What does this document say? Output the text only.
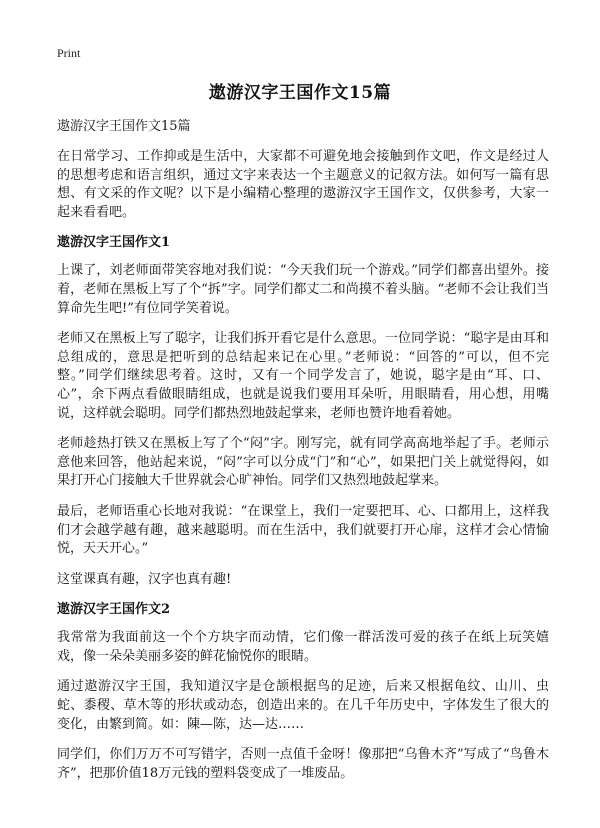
Print
遨游汉字王国作文15篇
遨游汉字王国作文15篇

在日常学习、工作抑或是生活中，大家都不可避免地会接触到作文吧，作文是经过人的思想考虑和语言组织，通过文字来表达一个主题意义的记叙方法。如何写一篇有思想、有文采的作文呢？以下是小编精心整理的遨游汉字王国作文，仅供参考，大家一起来看看吧。

遨游汉字王国作文1

上课了，刘老师面带笑容地对我们说：“今天我们玩一个游戏。”同学们都喜出望外。接着，老师在黑板上写了个“拆”字。同学们都丈二和尚摸不着头脑。“老师不会让我们当算命先生吧!”有位同学笑着说。

老师又在黑板上写了聪字，让我们拆开看它是什么意思。一位同学说：“聪字是由耳和总组成的，意思是把听到的总结起来记在心里。”老师说：“回答的”可以，但不完整。”同学们继续思考着。这时，又有一个同学发言了，她说，聪字是由“耳、口、心”，余下两点看做眼睛组成，也就是说我们要用耳朵听，用眼睛看，用心想，用嘴说，这样就会聪明。同学们都热烈地鼓起掌来，老师也赞许地看着她。

老师趁热打铁又在黑板上写了个“闷”字。刚写完，就有同学高高地举起了手。老师示意他来回答，他站起来说，“闷”字可以分成“门”和“心”，如果把门关上就觉得闷，如果打开心门接触大千世界就会心旷神怡。同学们又热烈地鼓起掌来。

最后，老师语重心长地对我说：“在课堂上，我们一定要把耳、心、口都用上，这样我们才会越学越有趣，越来越聪明。而在生活中，我们就要打开心扉，这样才会心情愉悦，天天开心。”

这堂课真有趣，汉字也真有趣!

遨游汉字王国作文2

我常常为我面前这一个个方块字而动情，它们像一群活泼可爱的孩子在纸上玩笑嬉戏，像一朵朵美丽多姿的鲜花愉悦你的眼睛。

通过遨游汉字王国，我知道汉字是仓颉根据鸟的足迹，后来又根据龟纹、山川、虫蛇、黍稷、草木等的形状或动态，创造出来的。在几千年历史中，字体发生了很大的变化，由繁到简。如：陳—陈，达—达……

同学们，你们万万不可写错字，否则一点值千金呀！像那把“乌鲁木齐”写成了“鸟鲁木齐”，把那价值18万元钱的塑料袋变成了一堆废品。
